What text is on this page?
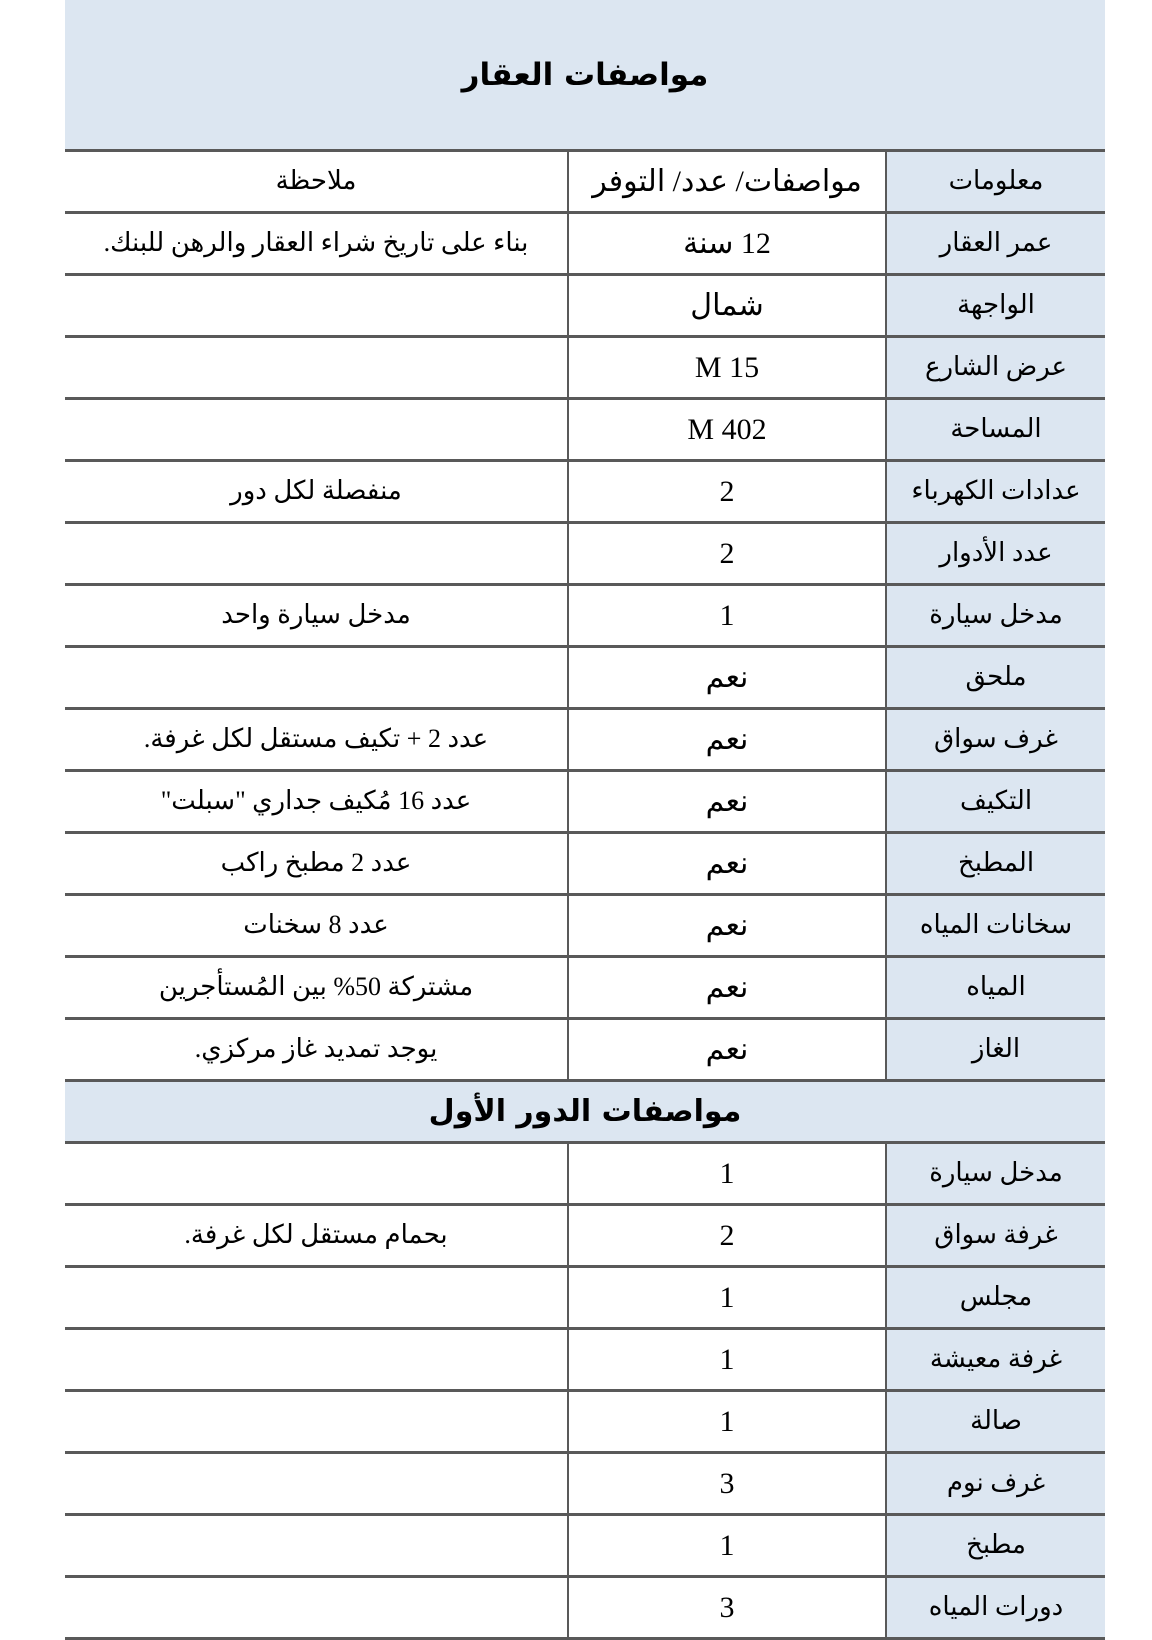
مواصفات العقار
معلومات
مواصفات/ عدد/ التوفر
ملاحظة
عمر العقار
12 سنة
بناء على تاريخ شراء العقار والرهن للبنك.
الواجهة
شمال
عرض الشارع
15 M
المساحة
402 M
عدادات الكهرباء
2
منفصلة لكل دور
عدد الأدوار
2
مدخل سيارة
1
مدخل سيارة واحد
ملحق
نعم
غرف سواق
نعم
عدد 2 + تكيف مستقل لكل غرفة.
التكيف
نعم
عدد 16 مُكيف جداري "سبلت"
المطبخ
نعم
عدد 2 مطبخ راكب
سخانات المياه
نعم
عدد 8 سخنات
المياه
نعم
مشتركة 50% بين المُستأجرين
الغاز
نعم
يوجد تمديد غاز مركزي.
مواصفات الدور الأول
مدخل سيارة
1
غرفة سواق
2
بحمام مستقل لكل غرفة.
مجلس
1
غرفة معيشة
1
صالة
1
غرف نوم
3
مطبخ
1
دورات المياه
3
